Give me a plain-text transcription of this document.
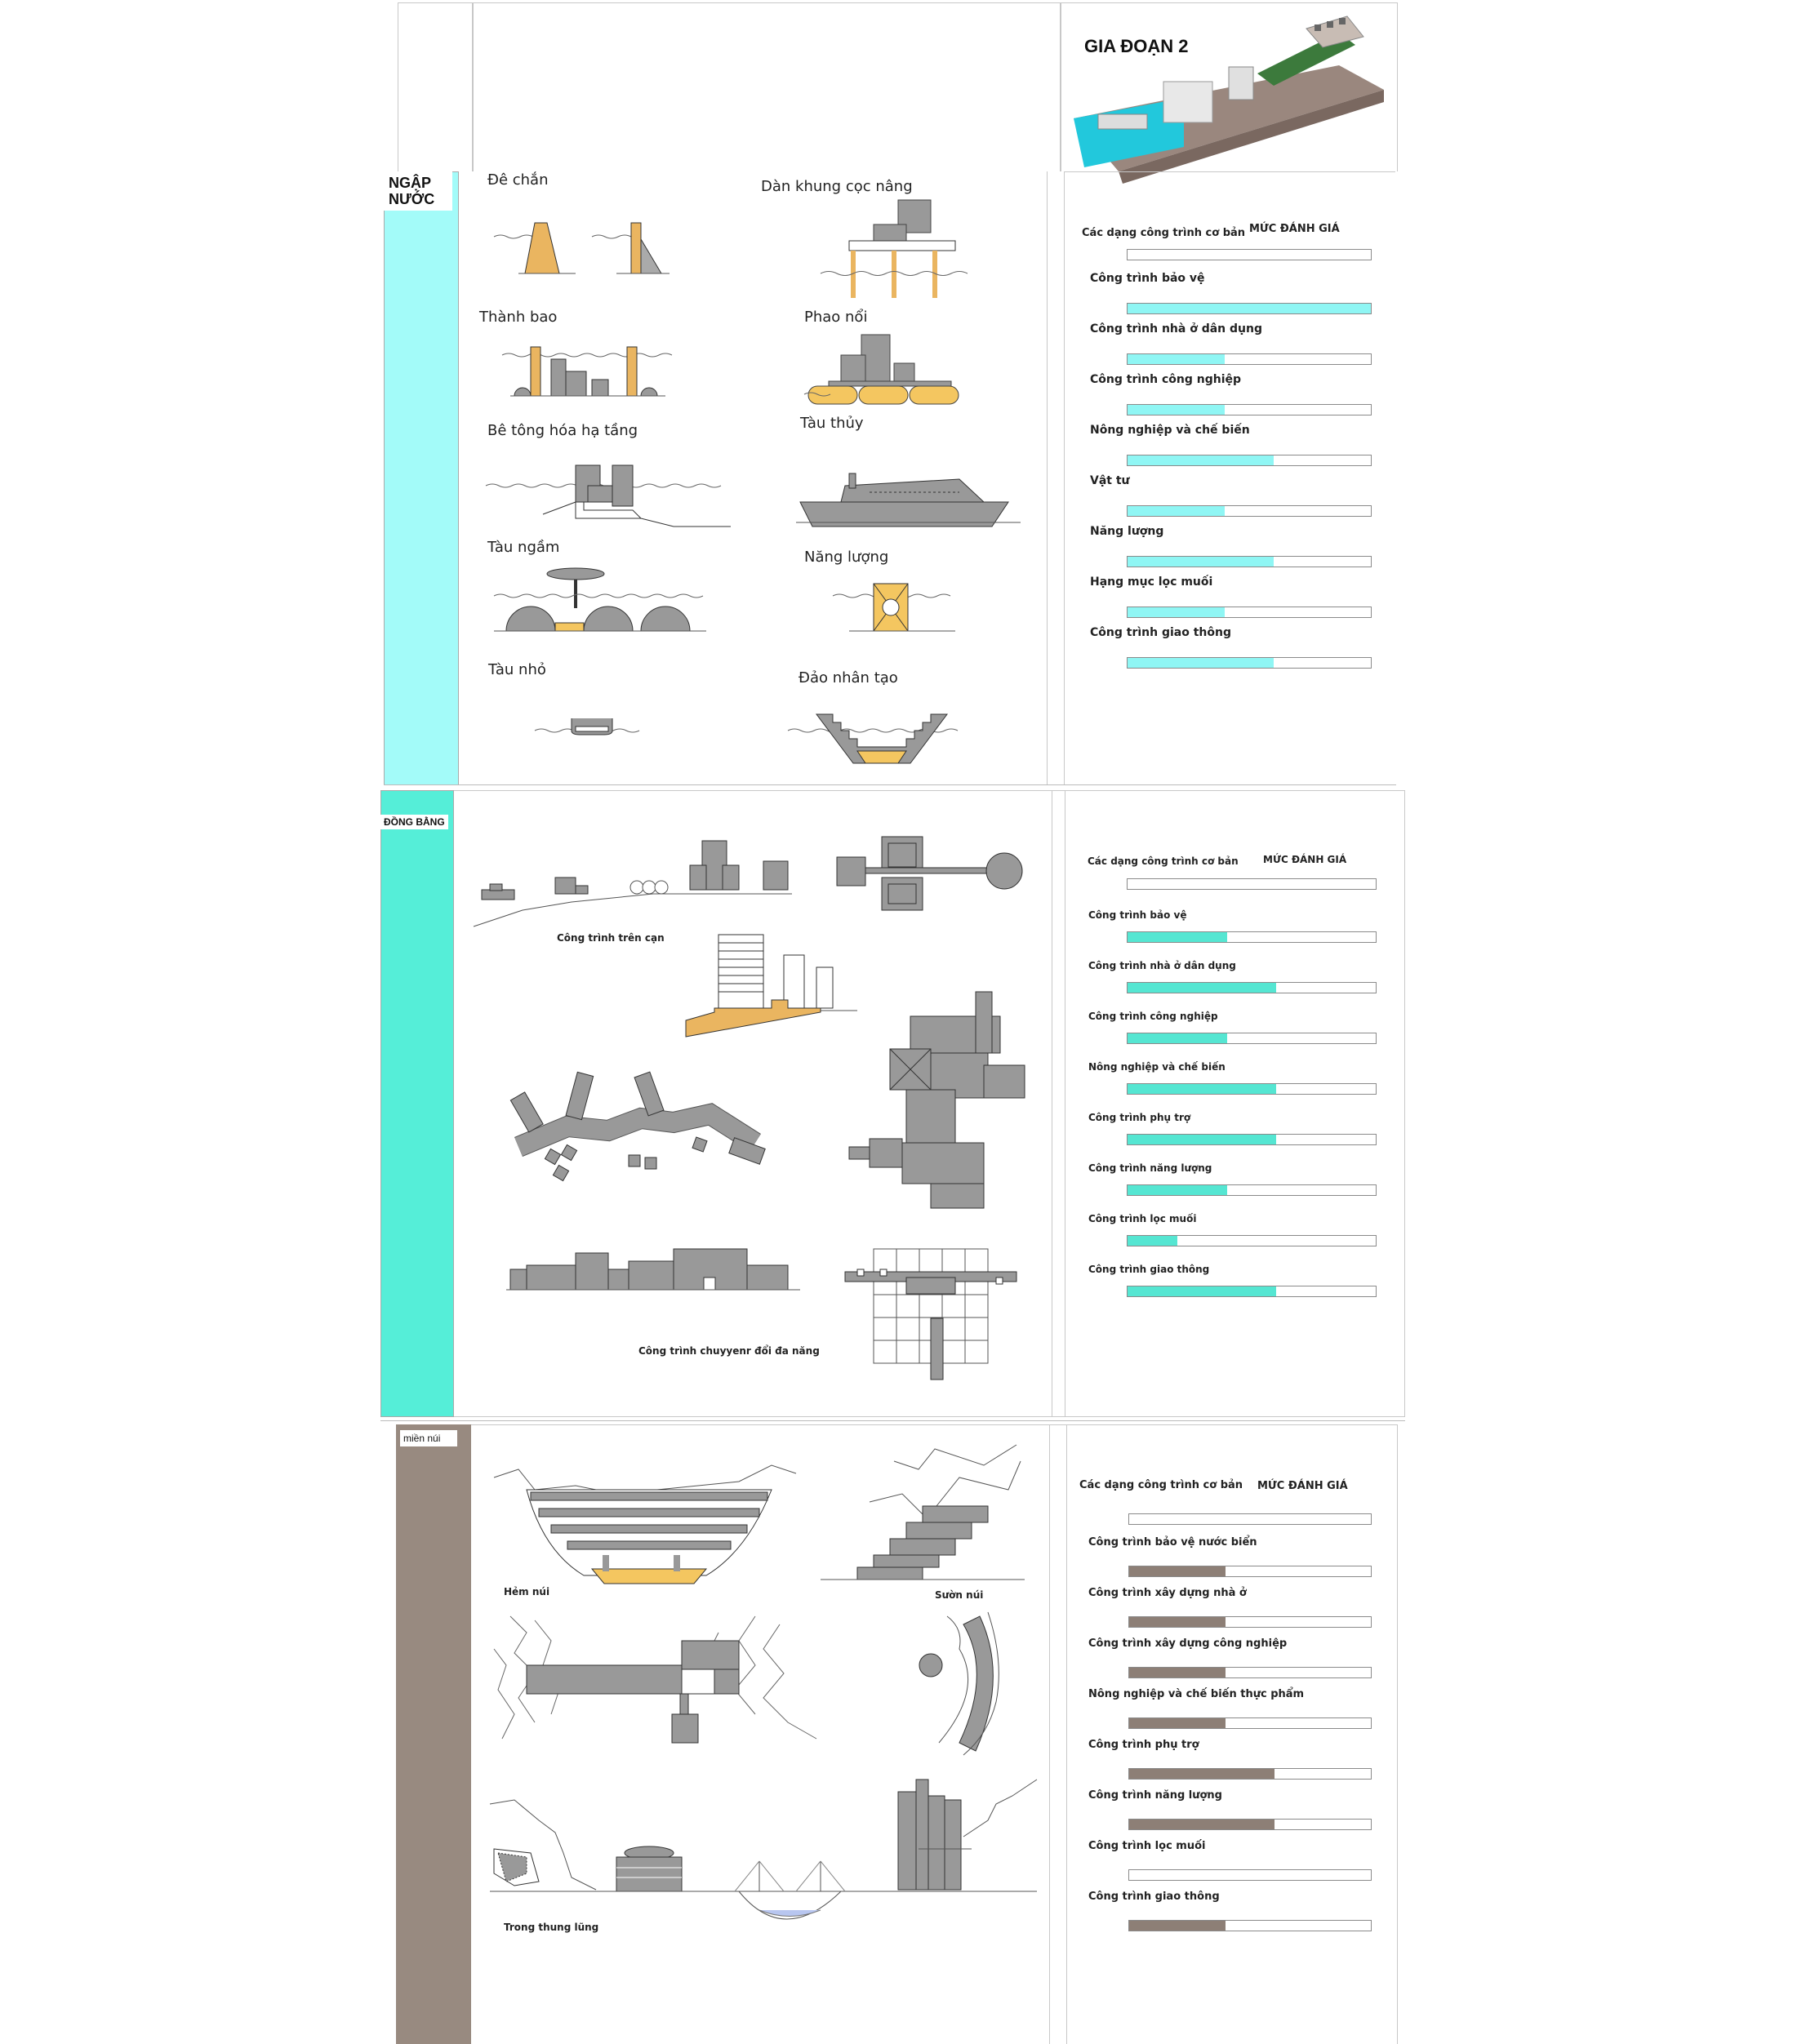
GIA ĐOẠN 2
NGẬP NƯỚC
Đê chắn	Dàn khung cọc nâng
Thành bao	Phao nổi
Bê tông hóa hạ tầng	Tàu thủy
Tàu ngầm
Năng lượng
Tàu nhỏ	Đảo nhân tạo
Các dạng công trình cơ bản MỨC ĐÁNH GIÁ
Công trình bảo vệ
Công trình nhà ở dân dụng
Công trình công nghiệp
Nông nghiệp và chế biến
Vật tư
Năng lượng
Hạng mục lọc muối
Công trình giao thông
ĐỒNG BẰNG
Công trình trên cạn
Công trình chuyyenr đổi đa năng
Các dạng công trình cơ bản	MỨC ĐÁNH GIÁ
Công trình bảo vệ
Công trình nhà ở dân dụng
Công trình công nghiệp
Nông nghiệp và chế biến
Công trình phụ trợ
Công trình năng lượng
Công trình lọc muối
Công trình giao thông
miền núi
Hẻm núi	Sườn núi
Trong thung lũng
Các dạng công trình cơ bản MỨC ĐÁNH GIÁ
Công trình bảo vệ nước biển
Công trình xây dựng nhà ở
Công trình xây dựng công nghiệp
Nông nghiệp và chế biến thực phẩm
Công trình phụ trợ
Công trình năng lượng
Công trình lọc muối
Công trình giao thông
